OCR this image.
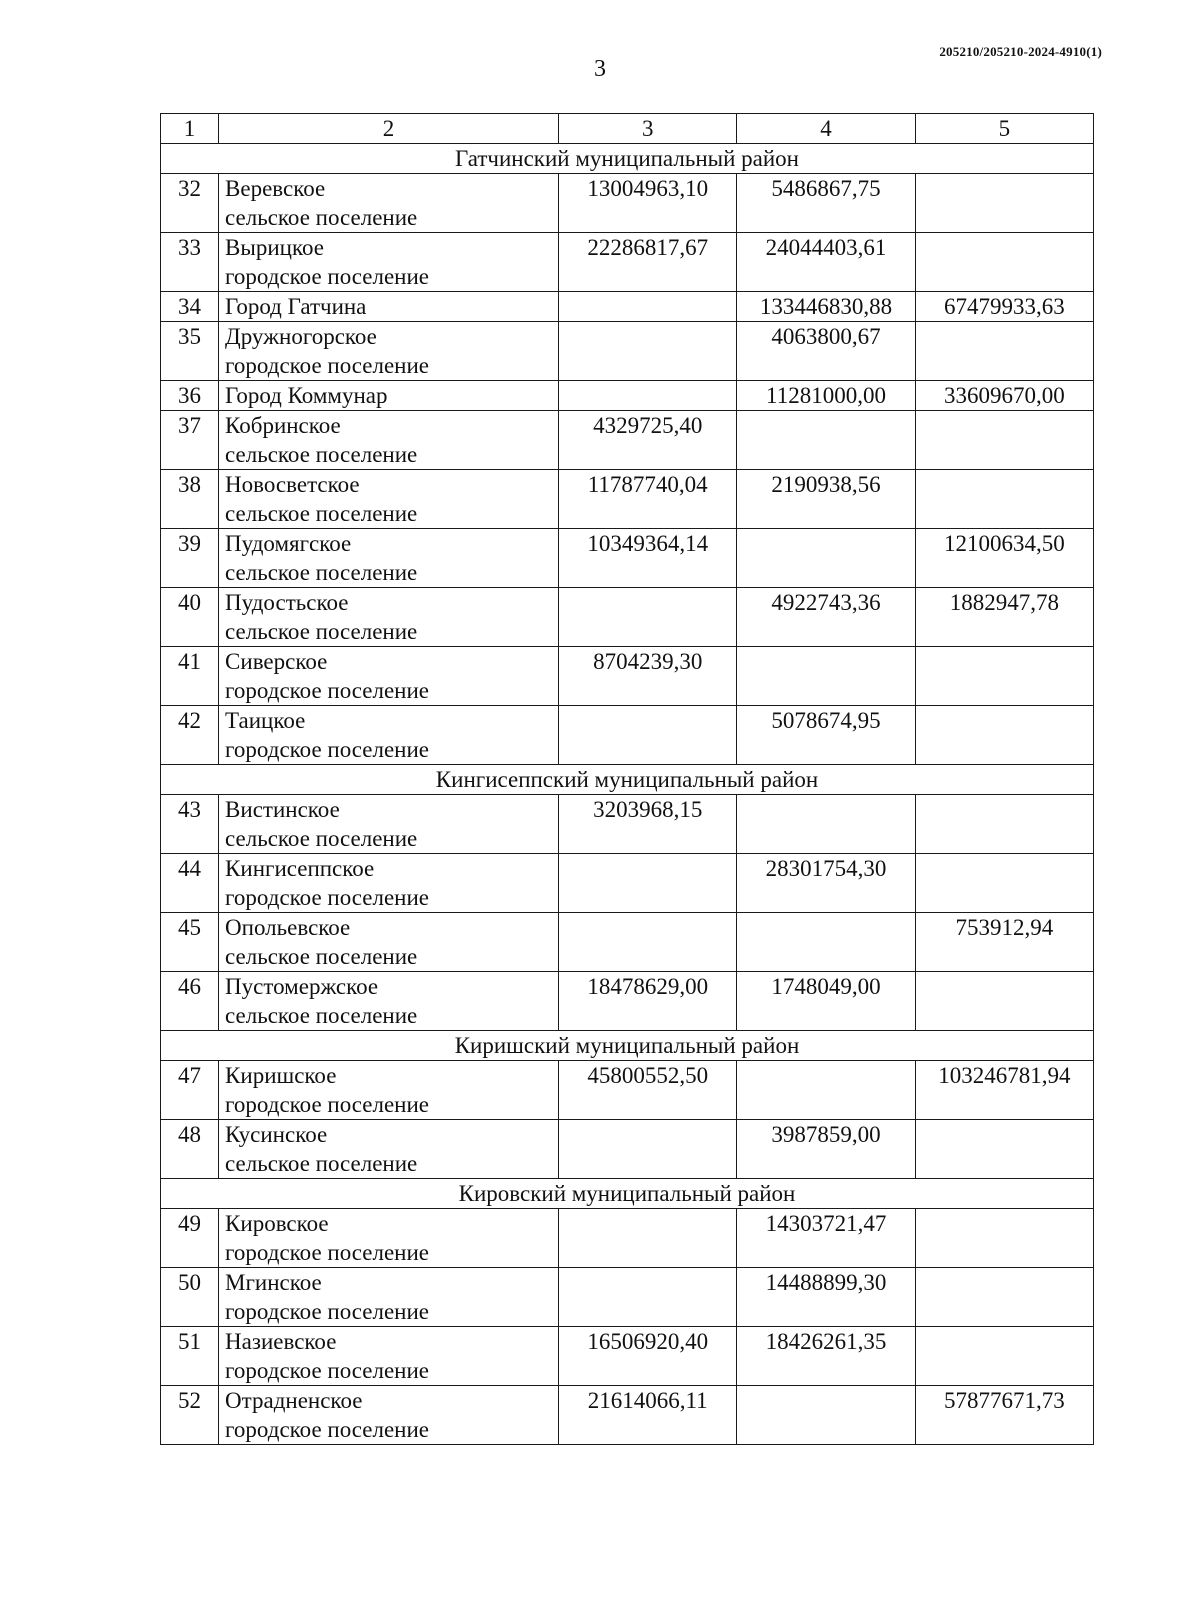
205210/205210-2024-4910(1)
3
1	2	3	4	5
Гатчинский муниципальный район				
32	Веревское
сельское поселение	13004963,10	5486867,75	
33	Вырицкое
городское поселение	22286817,67	24044403,61	
34	Город Гатчина		133446830,88	67479933,63
35	Дружногорское
городское поселение		4063800,67	
36	Город Коммунар		11281000,00	33609670,00
37	Кобринское
сельское поселение	4329725,40		
38	Новосветское
сельское поселение	11787740,04	2190938,56	
39	Пудомягское
сельское поселение	10349364,14		12100634,50
40	Пудостьское
сельское поселение		4922743,36	1882947,78
41	Сиверское
городское поселение	8704239,30		
42	Таицкое
городское поселение		5078674,95	
Кингисеппский муниципальный район				
43	Вистинское
сельское поселение	3203968,15		
44	Кингисеппское
городское поселение		28301754,30	
45	Опольевское
сельское поселение			753912,94
46	Пустомержское
сельское поселение	18478629,00	1748049,00	
Киришский муниципальный район				
47	Киришское
городское поселение	45800552,50		103246781,94
48	Кусинское
сельское поселение		3987859,00	
Кировский муниципальный район				
49	Кировское
городское поселение		14303721,47	
50	Мгинское
городское поселение		14488899,30	
51	Назиевское
городское поселение	16506920,40	18426261,35	
52	Отрадненское
городское поселение	21614066,11		57877671,73
